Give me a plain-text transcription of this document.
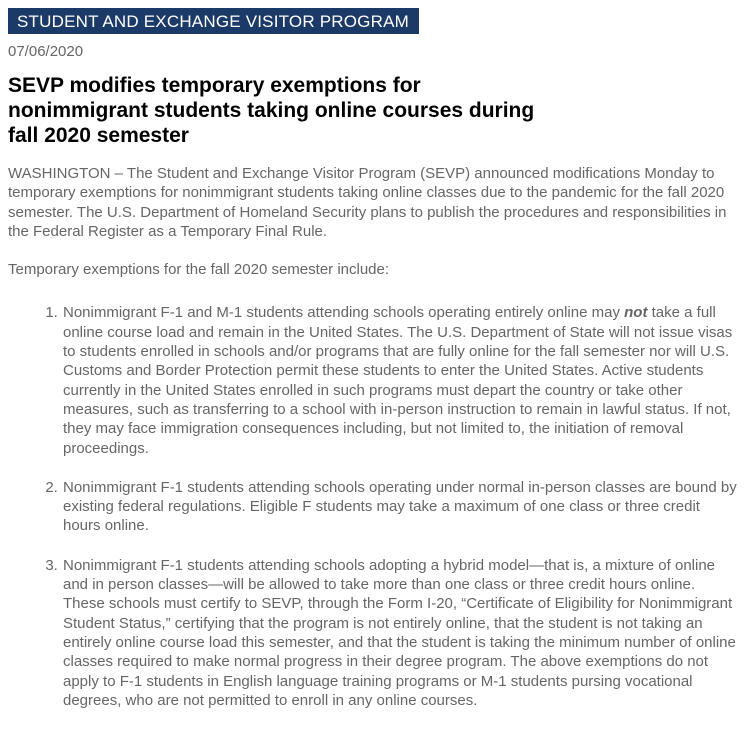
STUDENT AND EXCHANGE VISITOR PROGRAM
07/06/2020
SEVP modifies temporary exemptions for
nonimmigrant students taking online courses during
fall 2020 semester

WASHINGTON – The Student and Exchange Visitor Program (SEVP) announced modifications Monday to temporary exemptions for nonimmigrant students taking online classes due to the pandemic for the fall 2020 semester. The U.S. Department of Homeland Security plans to publish the procedures and responsibilities in the Federal Register as a Temporary Final Rule.

Temporary exemptions for the fall 2020 semester include:

1. Nonimmigrant F-1 and M-1 students attending schools operating entirely online may not take a full online course load and remain in the United States. The U.S. Department of State will not issue visas to students enrolled in schools and/or programs that are fully online for the fall semester nor will U.S. Customs and Border Protection permit these students to enter the United States. Active students currently in the United States enrolled in such programs must depart the country or take other measures, such as transferring to a school with in-person instruction to remain in lawful status. If not, they may face immigration consequences including, but not limited to, the initiation of removal proceedings.
2. Nonimmigrant F-1 students attending schools operating under normal in-person classes are bound by existing federal regulations. Eligible F students may take a maximum of one class or three credit hours online.
3. Nonimmigrant F-1 students attending schools adopting a hybrid model—that is, a mixture of online and in person classes—will be allowed to take more than one class or three credit hours online. These schools must certify to SEVP, through the Form I-20, “Certificate of Eligibility for Nonimmigrant Student Status,” certifying that the program is not entirely online, that the student is not taking an entirely online course load this semester, and that the student is taking the minimum number of online classes required to make normal progress in their degree program. The above exemptions do not apply to F-1 students in English language training programs or M-1 students pursing vocational degrees, who are not permitted to enroll in any online courses.
